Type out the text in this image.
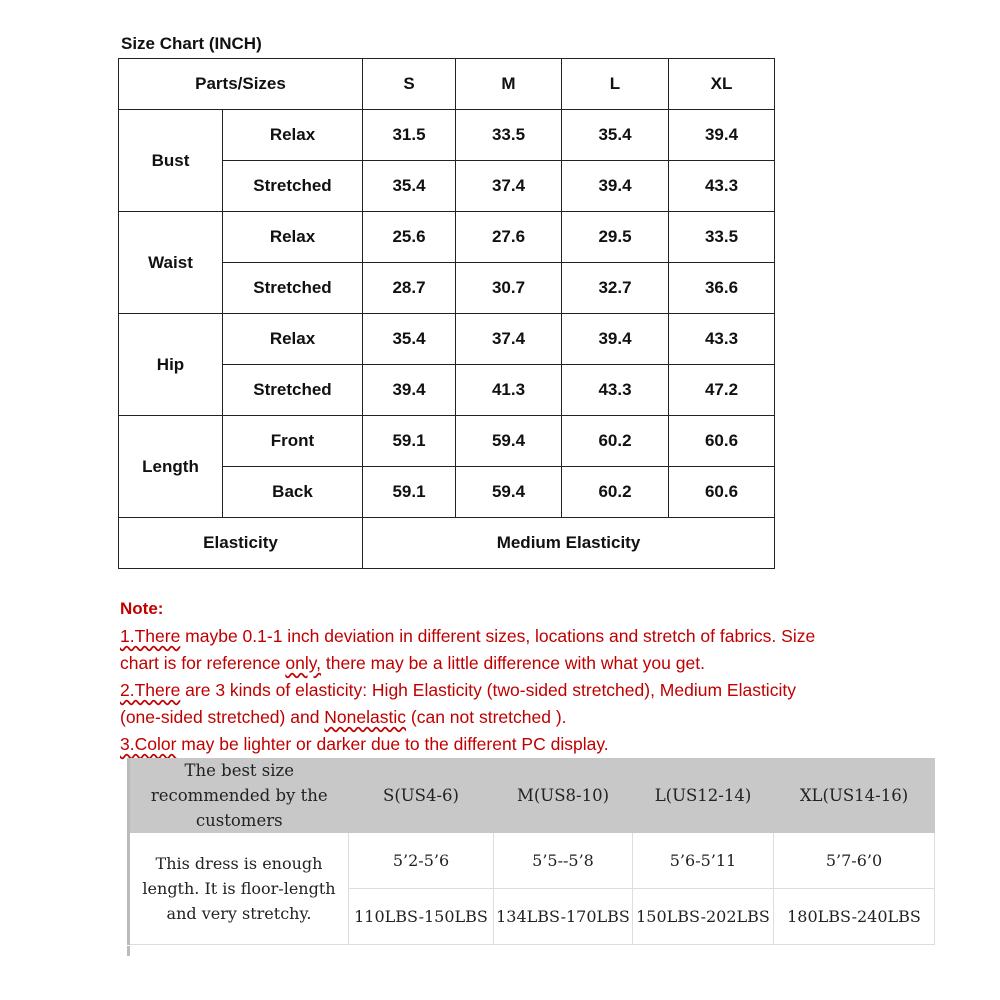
Size Chart (INCH)
Parts/Sizes		S	M	L	XL
Bust	Relax	31.5	33.5	35.4	39.4
	Stretched	35.4	37.4	39.4	43.3
Waist	Relax	25.6	27.6	29.5	33.5
	Stretched	28.7	30.7	32.7	36.6
Hip	Relax	35.4	37.4	39.4	43.3
	Stretched	39.4	41.3	43.3	47.2
Length	Front	59.1	59.4	60.2	60.6
	Back	59.1	59.4	60.2	60.6
Elasticity		Medium Elasticity			
Note:
1.There maybe 0.1-1 inch deviation in different sizes, locations and stretch of fabrics. Size
chart is for reference only, there may be a little difference with what you get.
2.There are 3 kinds of elasticity: High Elasticity (two-sided stretched), Medium Elasticity
(one-sided stretched) and Nonelastic (can not stretched ).
3.Color may be lighter or darker due to the different PC display.
The best size recommended by the customers	S(US4-6)	M(US8-10)	L(US12-14)	XL(US14-16)
This dress is enough length. It is floor-length and very stretchy.	5’2-5’6	5’5--5’8	5’6-5’11	5’7-6’0
	110LBS-150LBS	134LBS-170LBS	150LBS-202LBS	180LBS-240LBS
